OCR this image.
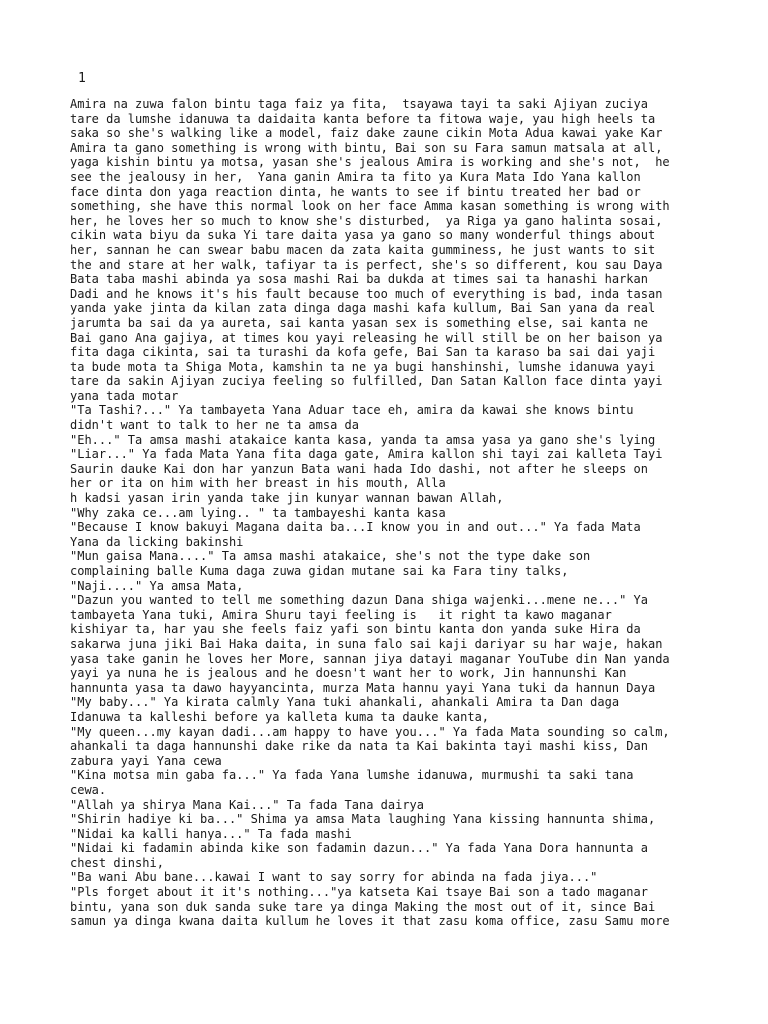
1
Amira na zuwa falon bintu taga faiz ya fita,  tsayawa tayi ta saki Ajiyan zuciya
tare da lumshe idanuwa ta daidaita kanta before ta fitowa waje, yau high heels ta
saka so she's walking like a model, faiz dake zaune cikin Mota Adua kawai yake Kar
Amira ta gano something is wrong with bintu, Bai son su Fara samun matsala at all,
yaga kishin bintu ya motsa, yasan she's jealous Amira is working and she's not,  he
see the jealousy in her,  Yana ganin Amira ta fito ya Kura Mata Ido Yana kallon
face dinta don yaga reaction dinta, he wants to see if bintu treated her bad or
something, she have this normal look on her face Amma kasan something is wrong with
her, he loves her so much to know she's disturbed,  ya Riga ya gano halinta sosai,
cikin wata biyu da suka Yi tare daita yasa ya gano so many wonderful things about
her, sannan he can swear babu macen da zata kaita gumminess, he just wants to sit
the and stare at her walk, tafiyar ta is perfect, she's so different, kou sau Daya
Bata taba mashi abinda ya sosa mashi Rai ba dukda at times sai ta hanashi harkan
Dadi and he knows it's his fault because too much of everything is bad, inda tasan
yanda yake jinta da kilan zata dinga daga mashi kafa kullum, Bai San yana da real
jarumta ba sai da ya aureta, sai kanta yasan sex is something else, sai kanta ne
Bai gano Ana gajiya, at times kou yayi releasing he will still be on her baison ya
fita daga cikinta, sai ta turashi da kofa gefe, Bai San ta karaso ba sai dai yaji
ta bude mota ta Shiga Mota, kamshin ta ne ya bugi hanshinshi, lumshe idanuwa yayi
tare da sakin Ajiyan zuciya feeling so fulfilled, Dan Satan Kallon face dinta yayi
yana tada motar
"Ta Tashi?..." Ya tambayeta Yana Aduar tace eh, amira da kawai she knows bintu
didn't want to talk to her ne ta amsa da
"Eh..." Ta amsa mashi atakaice kanta kasa, yanda ta amsa yasa ya gano she's lying
"Liar..." Ya fada Mata Yana fita daga gate, Amira kallon shi tayi zai kalleta Tayi
Saurin dauke Kai don har yanzun Bata wani hada Ido dashi, not after he sleeps on
her or ita on him with her breast in his mouth, Alla
h kadsi yasan irin yanda take jin kunyar wannan bawan Allah,
"Why zaka ce...am lying.. " ta tambayeshi kanta kasa
"Because I know bakuyi Magana daita ba...I know you in and out..." Ya fada Mata
Yana da licking bakinshi
"Mun gaisa Mana...." Ta amsa mashi atakaice, she's not the type dake son
complaining balle Kuma daga zuwa gidan mutane sai ka Fara tiny talks,
"Naji...." Ya amsa Mata,
"Dazun you wanted to tell me something dazun Dana shiga wajenki...mene ne..." Ya
tambayeta Yana tuki, Amira Shuru tayi feeling is   it right ta kawo maganar
kishiyar ta, har yau she feels faiz yafi son bintu kanta don yanda suke Hira da
sakarwa juna jiki Bai Haka daita, in suna falo sai kaji dariyar su har waje, hakan
yasa take ganin he loves her More, sannan jiya datayi maganar YouTube din Nan yanda
yayi ya nuna he is jealous and he doesn't want her to work, Jin hannunshi Kan
hannunta yasa ta dawo hayyancinta, murza Mata hannu yayi Yana tuki da hannun Daya
"My baby..." Ya kirata calmly Yana tuki ahankali, ahankali Amira ta Dan daga
Idanuwa ta kalleshi before ya kalleta kuma ta dauke kanta,
"My queen...my kayan dadi...am happy to have you..." Ya fada Mata sounding so calm,
ahankali ta daga hannunshi dake rike da nata ta Kai bakinta tayi mashi kiss, Dan
zabura yayi Yana cewa
"Kina motsa min gaba fa..." Ya fada Yana lumshe idanuwa, murmushi ta saki tana
cewa.
"Allah ya shirya Mana Kai..." Ta fada Tana dairya
"Shirin hadiye ki ba..." Shima ya amsa Mata laughing Yana kissing hannunta shima,
"Nidai ka kalli hanya..." Ta fada mashi
"Nidai ki fadamin abinda kike son fadamin dazun..." Ya fada Yana Dora hannunta a
chest dinshi,
"Ba wani Abu bane...kawai I want to say sorry for abinda na fada jiya..."
"Pls forget about it it's nothing..."ya katseta Kai tsaye Bai son a tado maganar
bintu, yana son duk sanda suke tare ya dinga Making the most out of it, since Bai
samun ya dinga kwana daita kullum he loves it that zasu koma office, zasu Samu more
